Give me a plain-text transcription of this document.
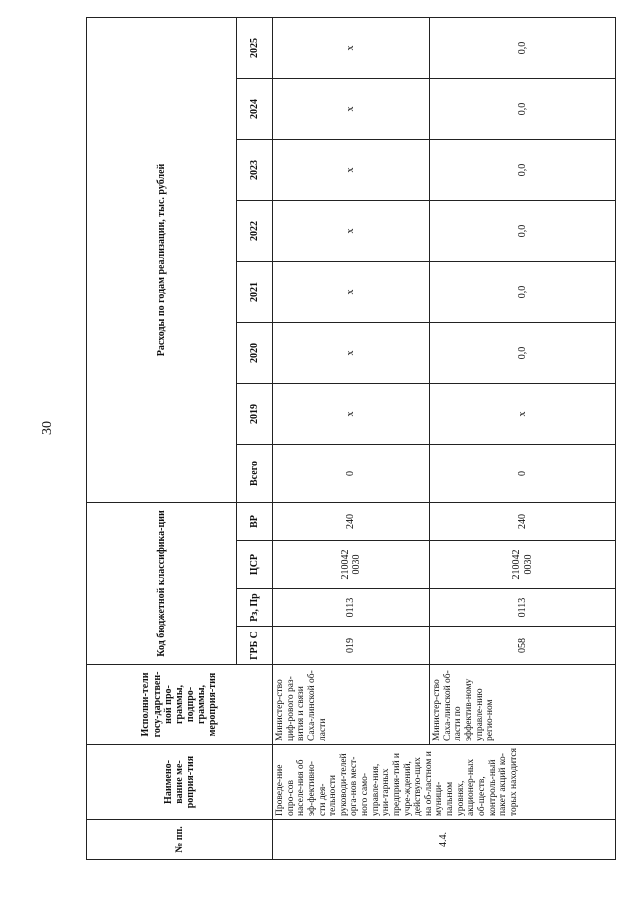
30
№ пп.	Наимено-вание ме-роприя-тия	Исполни-тели госу-дарствен-ной про-граммы, подпро-граммы, мероприя-тия	Код бюджетной классифика-ции				Расходы по годам реализации, тыс. рублей							
			ГРБ С	Рз, Пр	ЦСР	ВР	Всего	2019	2020	2021	2022	2023	2024	2025
4.4.	Проведе-ние опро-сов населе-ния об эф-фективно-сти дея-тельности руководи-телей орга-нов мест-ного само-управле-ния, уни-тарных предприя-тий и учре-ждений, действую-щих на об-ластном и муници-пальном уровнях, акционер-ных об-ществ, контроль-ный пакет акций ко-торых находится	Министер-ство циф-рового раз-вития и связи Саха-линской об-ласти	019	0113	210042 0030	240	0	x	x	x	x	x	x	x
		Министер-ство Саха-линской об-ласти по эффектив-ному управле-нию регио-ном	058	0113	210042 0030	240	0	x	0,0	0,0	0,0	0,0	0,0	0,0
